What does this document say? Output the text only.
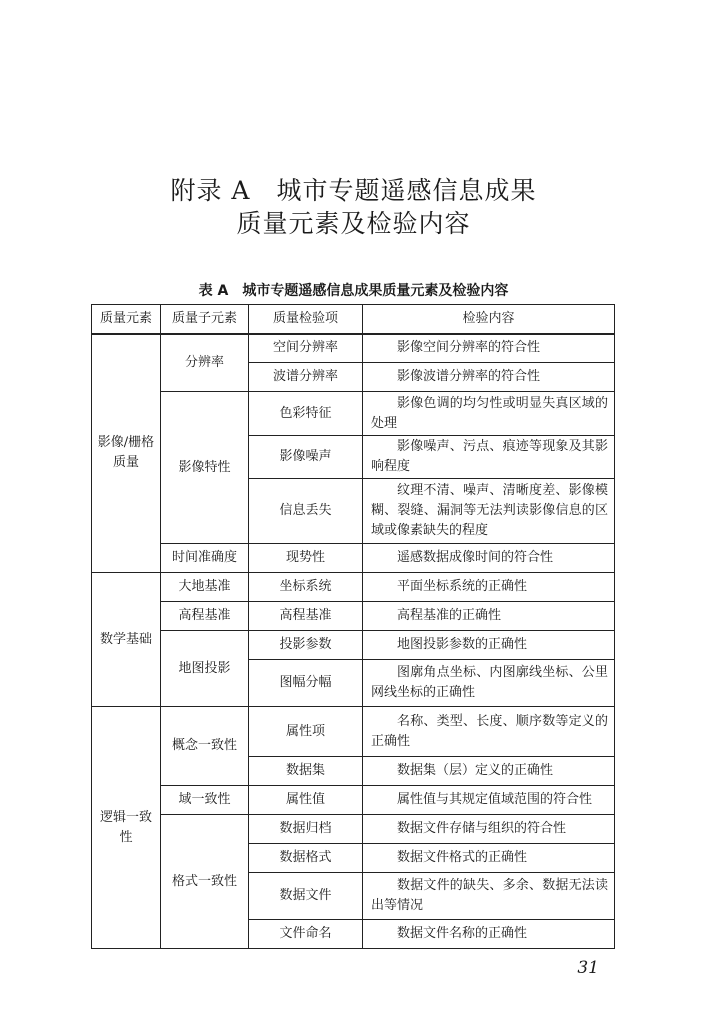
附录 A　城市专题遥感信息成果
质量元素及检验内容
表 A　城市专题遥感信息成果质量元素及检验内容
质量元素	质量子元素	质量检验项	检验内容
影像/栅格质量	分辨率	空间分辨率	影像空间分辨率的符合性
		波谱分辨率	影像波谱分辨率的符合性
	影像特性	色彩特征	影像色调的均匀性或明显失真区域的处理
		影像噪声	影像噪声、污点、痕迹等现象及其影响程度
		信息丢失	纹理不清、噪声、清晰度差、影像模糊、裂缝、漏洞等无法判读影像信息的区域或像素缺失的程度
	时间准确度	现势性	遥感数据成像时间的符合性
数学基础	大地基准	坐标系统	平面坐标系统的正确性
	高程基准	高程基准	高程基准的正确性
	地图投影	投影参数	地图投影参数的正确性
		图幅分幅	图廓角点坐标、内图廓线坐标、公里网线坐标的正确性
逻辑一致性	概念一致性	属性项	名称、类型、长度、顺序数等定义的正确性
		数据集	数据集（层）定义的正确性
	域一致性	属性值	属性值与其规定值域范围的符合性
	格式一致性	数据归档	数据文件存储与组织的符合性
		数据格式	数据文件格式的正确性
		数据文件	数据文件的缺失、多余、数据无法读出等情况
		文件命名	数据文件名称的正确性
31
